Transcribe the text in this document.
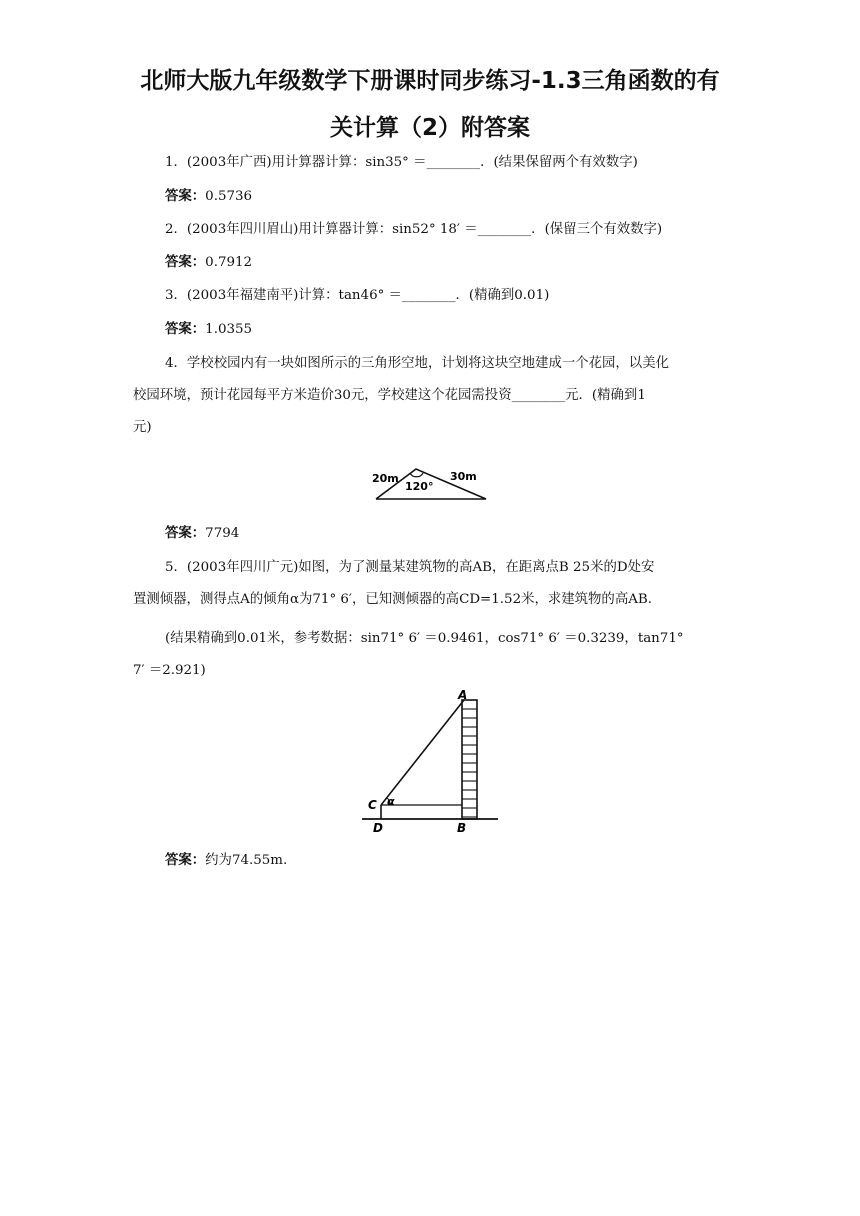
北师大版九年级数学下册课时同步练习-1.3三角函数的有
关计算（2）附答案
1．(2003年广西)用计算器计算：sin35° ＝________．(结果保留两个有效数字)
答案：0.5736
2．(2003年四川眉山)用计算器计算：sin52° 18′ ＝________．(保留三个有效数字)
答案：0.7912
3．(2003年福建南平)计算：tan46° ＝________．(精确到0.01)
答案：1.0355
4．学校校园内有一块如图所示的三角形空地，计划将这块空地建成一个花园，以美化
校园环境，预计花园每平方米造价30元，学校建这个花园需投资________元．(精确到1
元)
20m	30m
120°
答案：7794
5．(2003年四川广元)如图，为了测量某建筑物的高AB，在距离点B 25米的D处安
置测倾器，测得点A的倾角α为71° 6′，已知测倾器的高CD=1.52米，求建筑物的高AB.
(结果精确到0.01米，参考数据：sin71° 6′ ＝0.9461，cos71° 6′ ＝0.3239，tan71°
7′ ＝2.921)
A
B
C
D
α
答案：约为74.55m.
